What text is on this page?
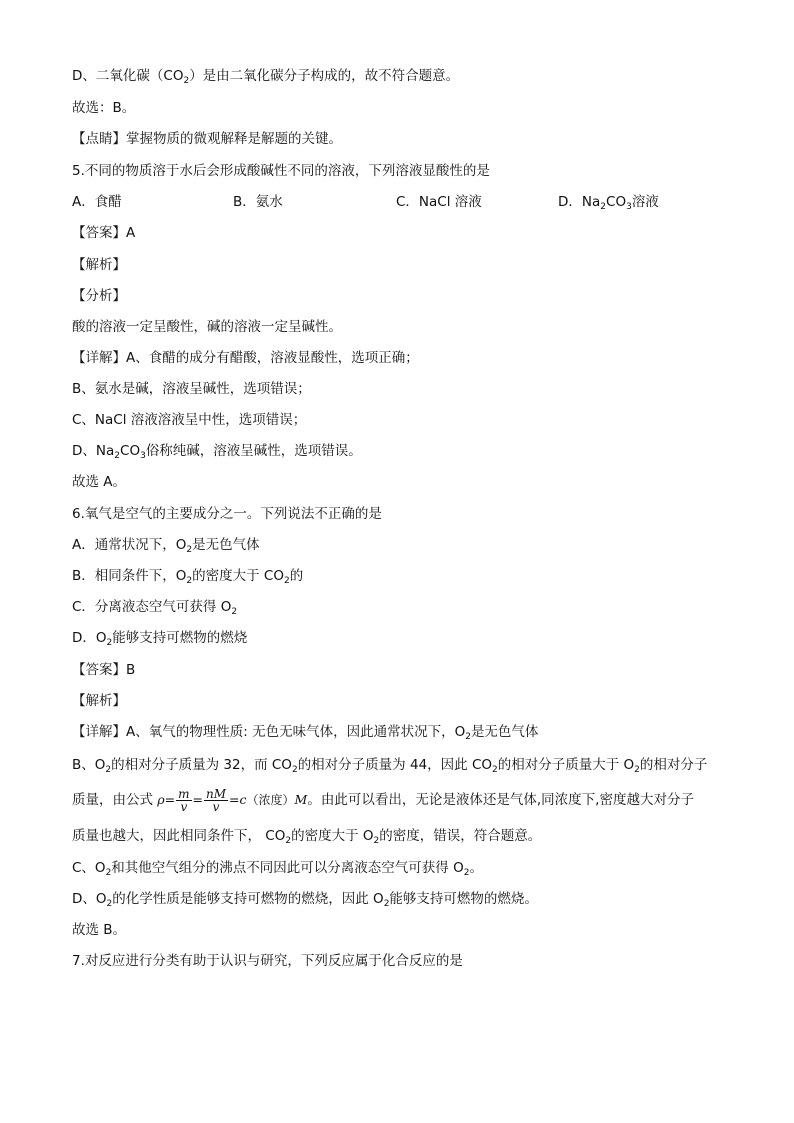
D、二氧化碳$(CO_2)$是由二氧化碳分子构成的，故不符合题意。
故选：B。
【点睛】掌握物质的微观解释是解题的关键。
5.不同的物质溶于水后会形成酸碱性不同的溶液，下列溶液显酸性的是
A．食醋	B．氨水	C．NaCl 溶液	D．$Na_2CO_3$溶液
【答案】A
【解析】
【分析】
酸的溶液一定呈酸性，碱的溶液一定呈碱性。
【详解】A、食醋的成分有醋酸，溶液显酸性，选项正确；
B、氨水是碱，溶液呈碱性，选项错误；
C、NaCl 溶液溶液呈中性，选项错误；
D、$Na_2CO_3$俗称纯碱，溶液呈碱性，选项错误。
故选 A。
6.氧气是空气的主要成分之一。下列说法不正确的是
A．通常状况下，$O_2$是无色气体
B．相同条件下，$O_2$的密度大于 $CO_2$的
C．分离液态空气可获得 $O_2$
D．$O_2$能够支持可燃物的燃烧
【答案】B
【解析】
【详解】A、氧气的物理性质: 无色无味气体，因此通常状况下，$O_2$是无色气体
B、$O_2$的相对分子质量为 32，而 $CO_2$的相对分子质量为 44，因此 $CO_2$的相对分子质量大于 $O_2$的相对分子
质量，由公式 $\rho= \frac{m}{v} = \frac{nM}{v} =c$（浓度）M。由此可以看出，无论是液体还是气体,同浓度下,密度越大对分子
质量也越大，因此相同条件下， $CO_2$的密度大于 $O_2$的密度，错误，符合题意。
C、$O_2$和其他空气组分的沸点不同因此可以分离液态空气可获得 $O_2$。
D、$O_2$的化学性质是能够支持可燃物的燃烧，因此 $O_2$能够支持可燃物的燃烧。
故选 B。
7.对反应进行分类有助于认识与研究，下列反应属于化合反应的是
